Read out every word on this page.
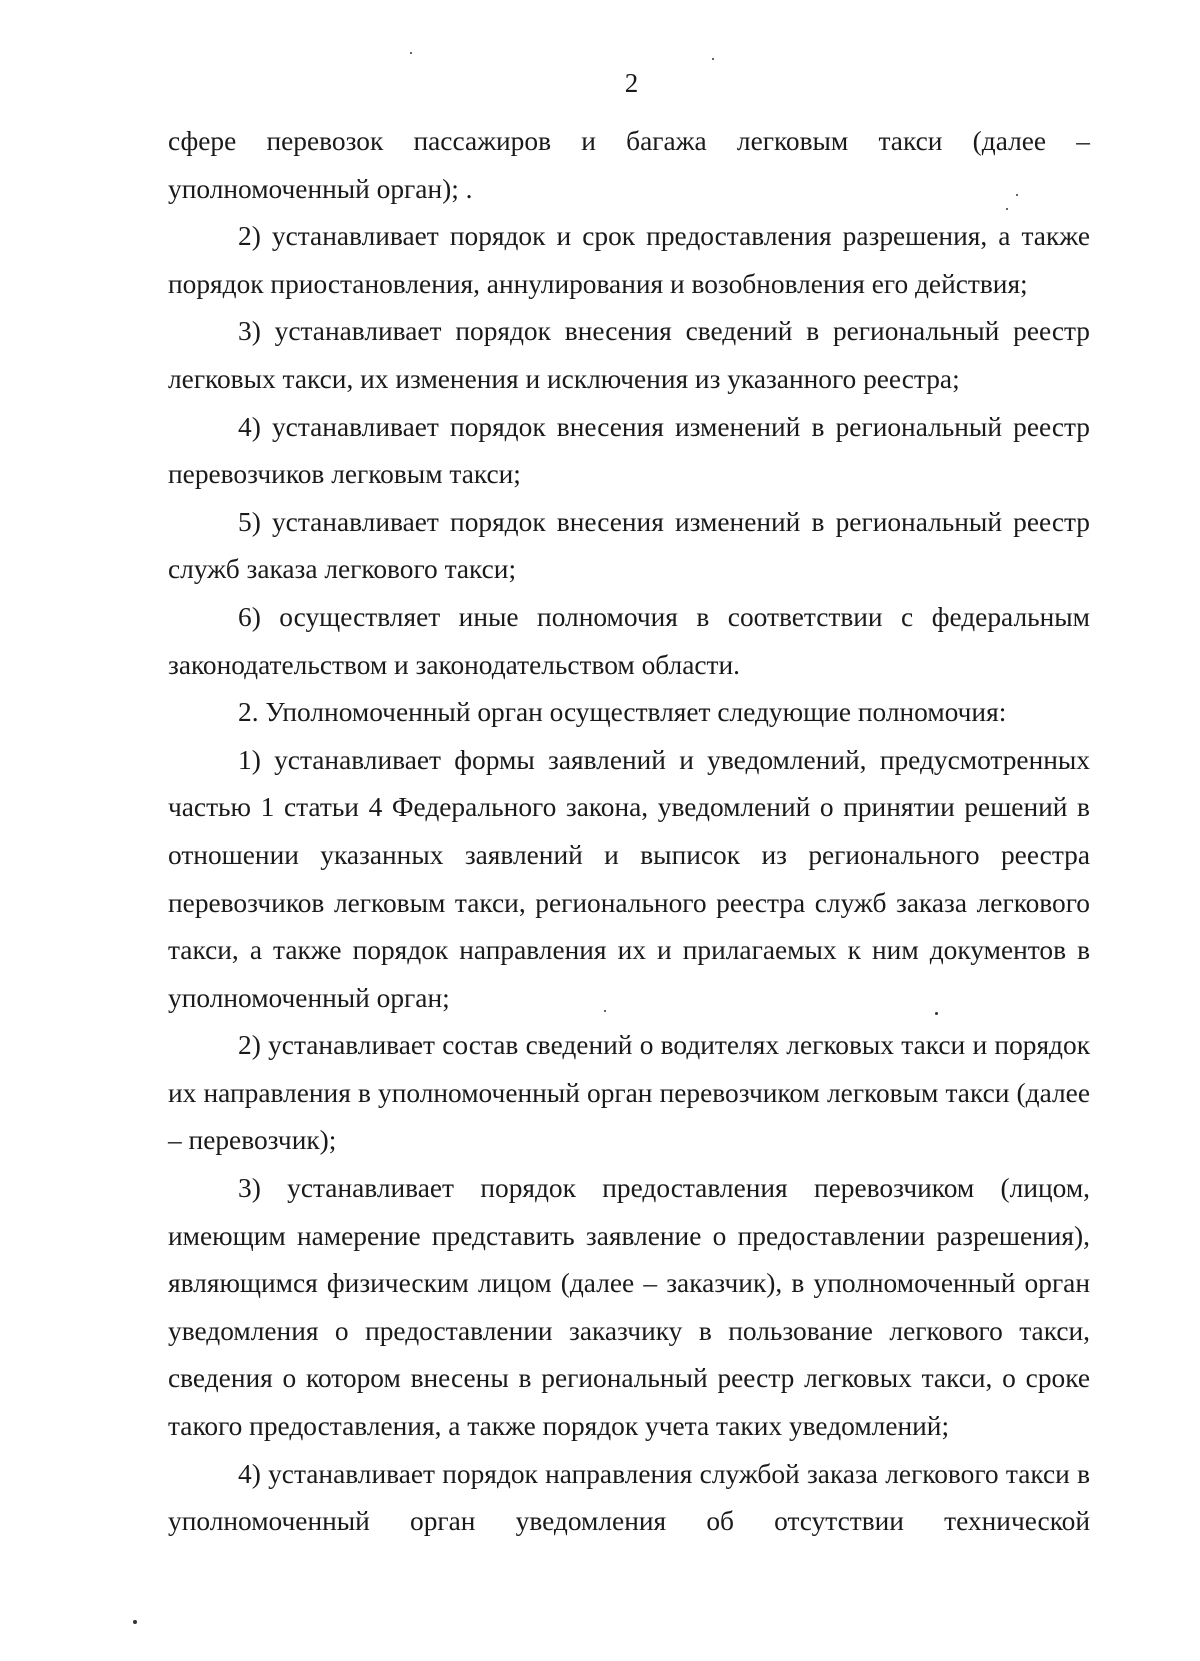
2

сфере перевозок пассажиров и багажа легковым такси (далее – уполномоченный орган); .

2) устанавливает порядок и срок предоставления разрешения, а также порядок приостановления, аннулирования и возобновления его действия;

3) устанавливает порядок внесения сведений в региональный реестр легковых такси, их изменения и исключения из указанного реестра;

4) устанавливает порядок внесения изменений в региональный реестр перевозчиков легковым такси;

5) устанавливает порядок внесения изменений в региональный реестр служб заказа легкового такси;

6) осуществляет иные полномочия в соответствии с федеральным законодательством и законодательством области.

2. Уполномоченный орган осуществляет следующие полномочия:

1) устанавливает формы заявлений и уведомлений, предусмотренных частью 1 статьи 4 Федерального закона, уведомлений о принятии решений в отношении указанных заявлений и выписок из регионального реестра перевозчиков легковым такси, регионального реестра служб заказа легкового такси, а также порядок направления их и прилагаемых к ним документов в уполномоченный орган;

2) устанавливает состав сведений о водителях легковых такси и порядок их направления в уполномоченный орган перевозчиком легковым такси (далее – перевозчик);

3) устанавливает порядок предоставления перевозчиком (лицом, имеющим намерение представить заявление о предоставлении разрешения), являющимся физическим лицом (далее – заказчик), в уполномоченный орган уведомления о предоставлении заказчику в пользование легкового такси, сведения о котором внесены в региональный реестр легковых такси, о сроке такого предоставления, а также порядок учета таких уведомлений;

4) устанавливает порядок направления службой заказа легкового такси в уполномоченный орган уведомления об отсутствии технической
